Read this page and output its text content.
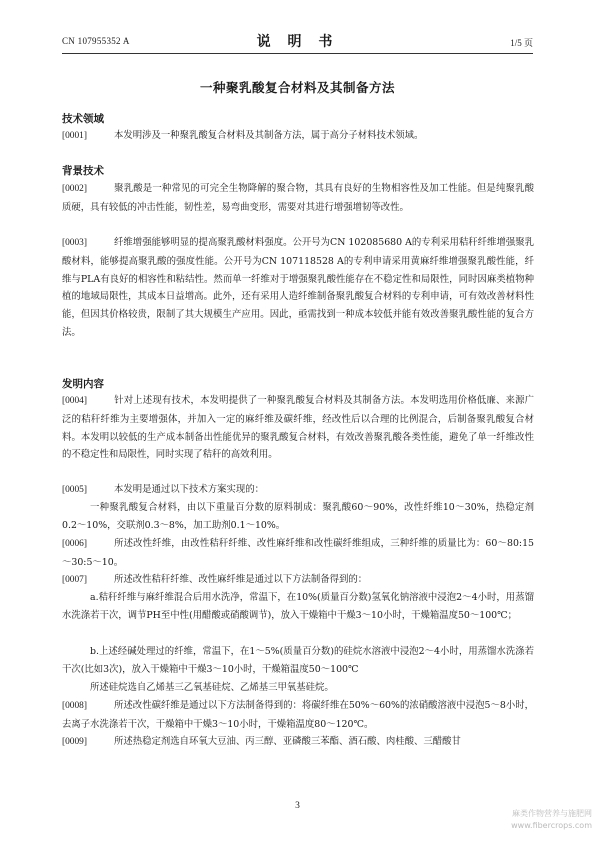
CN 107955352 A	说 明 书	1/5 页
一种聚乳酸复合材料及其制备方法
技术领域
[0001]	本发明涉及一种聚乳酸复合材料及其制备方法，属于高分子材料技术领域。
背景技术
[0002]	聚乳酸是一种常见的可完全生物降解的聚合物，其具有良好的生物相容性及加工性能。但是纯聚乳酸质硬，具有较低的冲击性能，韧性差，易弯曲变形，需要对其进行增强增韧等改性。
[0003]	纤维增强能够明显的提高聚乳酸材料强度。公开号为CN 102085680 A的专利采用秸秆纤维增强聚乳酸材料，能够提高聚乳酸的强度性能。公开号为CN 107118528 A的专利申请采用黄麻纤维增强聚乳酸性能，纤维与PLA有良好的相容性和粘结性。然而单一纤维对于增强聚乳酸性能存在不稳定性和局限性，同时因麻类植物种植的地域局限性，其成本日益增高。此外，还有采用人造纤维制备聚乳酸复合材料的专利申请，可有效改善材料性能，但因其价格较贵，限制了其大规模生产应用。因此，亟需找到一种成本较低并能有效改善聚乳酸性能的复合方法。
发明内容
[0004]	针对上述现有技术，本发明提供了一种聚乳酸复合材料及其制备方法。本发明选用价格低廉、来源广泛的秸秆纤维为主要增强体，并加入一定的麻纤维及碳纤维，经改性后以合理的比例混合，后制备聚乳酸复合材料。本发明以较低的生产成本制备出性能优异的聚乳酸复合材料，有效改善聚乳酸各类性能，避免了单一纤维改性的不稳定性和局限性，同时实现了秸秆的高效利用。
[0005]	本发明是通过以下技术方案实现的：
一种聚乳酸复合材料，由以下重量百分数的原料制成：聚乳酸60～90%，改性纤维10～30%，热稳定剂0.2～10%，交联剂0.3～8%，加工助剂0.1～10%。
[0006]	所述改性纤维，由改性秸秆纤维、改性麻纤维和改性碳纤维组成，三种纤维的质量比为：60～80:15～30:5～10。
[0007]	所述改性秸秆纤维、改性麻纤维是通过以下方法制备得到的：
a.秸秆纤维与麻纤维混合后用水洗净，常温下，在10%(质量百分数)氢氧化钠溶液中浸泡2～4小时，用蒸馏水洗涤若干次，调节PH至中性(用醋酸或硝酸调节)，放入干燥箱中干燥3～10小时，干燥箱温度50～100℃；
b.上述经碱处理过的纤维，常温下，在1～5%(质量百分数)的硅烷水溶液中浸泡2～4小时，用蒸馏水洗涤若干次(比如3次)，放入干燥箱中干燥3～10小时，干燥箱温度50～100℃
所述硅烷选自乙烯基三乙氧基硅烷、乙烯基三甲氧基硅烷。
[0008]	所述改性碳纤维是通过以下方法制备得到的：将碳纤维在50%～60%的浓硝酸溶液中浸泡5～8小时，去离子水洗涤若干次，干燥箱中干燥3～10小时，干燥箱温度80～120℃。
[0009]	所述热稳定剂选自环氧大豆油、丙三醇、亚磷酸三苯酯、酒石酸、肉桂酸、三醋酸甘
3
麻类作物营养与施肥网
www.fibercrops.com
